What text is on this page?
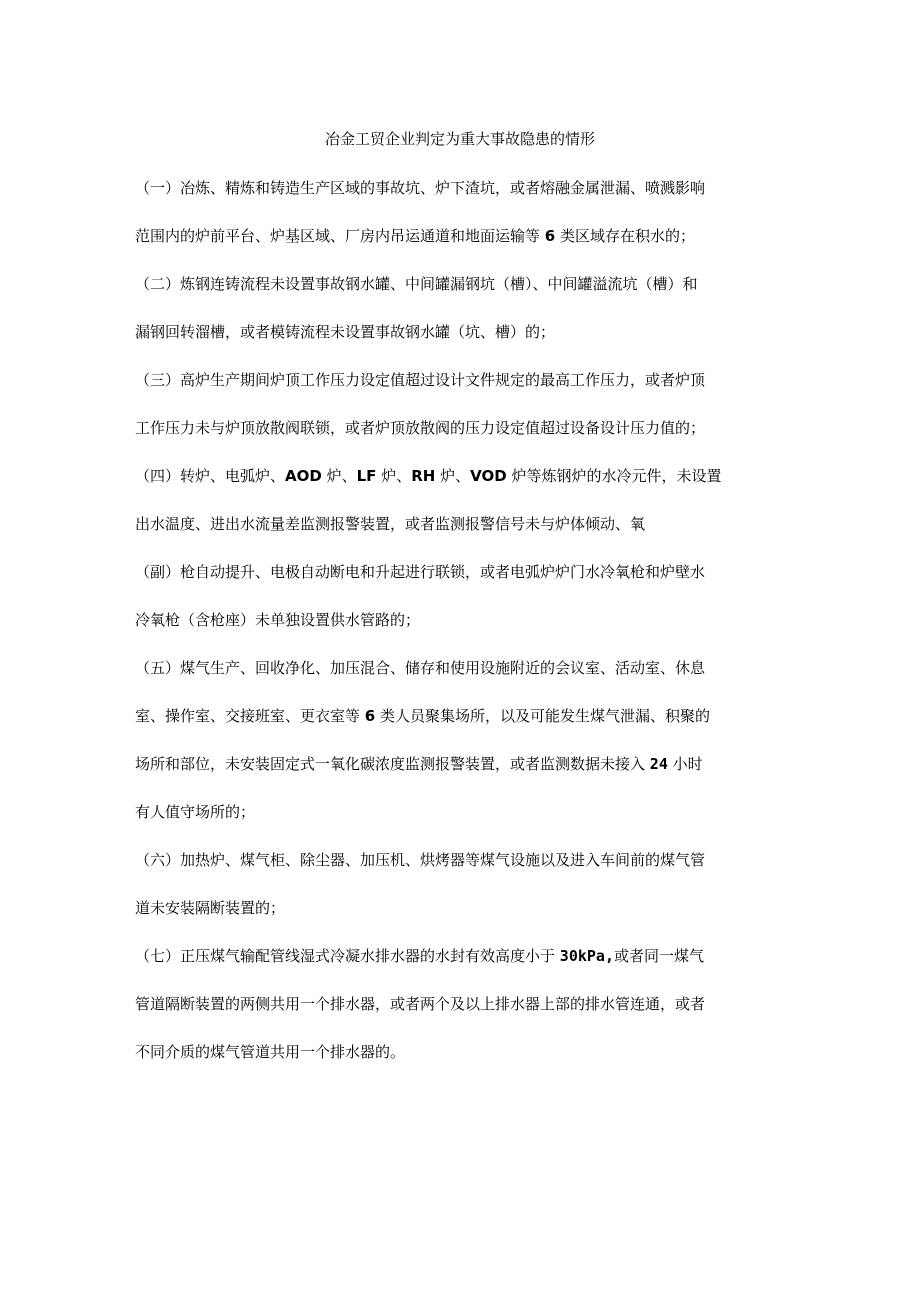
冶金工贸企业判定为重大事故隐患的情形
（一）冶炼、精炼和铸造生产区域的事故坑、炉下渣坑，或者熔融金属泄漏、喷溅影响
范围内的炉前平台、炉基区域、厂房内吊运通道和地面运输等 6 类区域存在积水的；
（二）炼钢连铸流程未设置事故钢水罐、中间罐漏钢坑（槽）、中间罐溢流坑（槽）和
漏钢回转溜槽，或者模铸流程未设置事故钢水罐（坑、槽）的；
（三）高炉生产期间炉顶工作压力设定值超过设计文件规定的最高工作压力，或者炉顶
工作压力未与炉顶放散阀联锁，或者炉顶放散阀的压力设定值超过设备设计压力值的；
（四）转炉、电弧炉、AOD 炉、LF 炉、RH 炉、VOD 炉等炼钢炉的水冷元件，未设置
出水温度、进出水流量差监测报警装置，或者监测报警信号未与炉体倾动、氧
（副）枪自动提升、电极自动断电和升起进行联锁，或者电弧炉炉门水冷氧枪和炉壁水
冷氧枪（含枪座）未单独设置供水管路的；
（五）煤气生产、回收净化、加压混合、储存和使用设施附近的会议室、活动室、休息
室、操作室、交接班室、更衣室等 6 类人员聚集场所，以及可能发生煤气泄漏、积聚的
场所和部位，未安装固定式一氧化碳浓度监测报警装置，或者监测数据未接入 24 小时
有人值守场所的；
（六）加热炉、煤气柜、除尘器、加压机、烘烤器等煤气设施以及进入车间前的煤气管
道未安装隔断装置的；
（七）正压煤气输配管线湿式冷凝水排水器的水封有效高度小于 30kPa,或者同一煤气
管道隔断装置的两侧共用一个排水器，或者两个及以上排水器上部的排水管连通，或者
不同介质的煤气管道共用一个排水器的。
